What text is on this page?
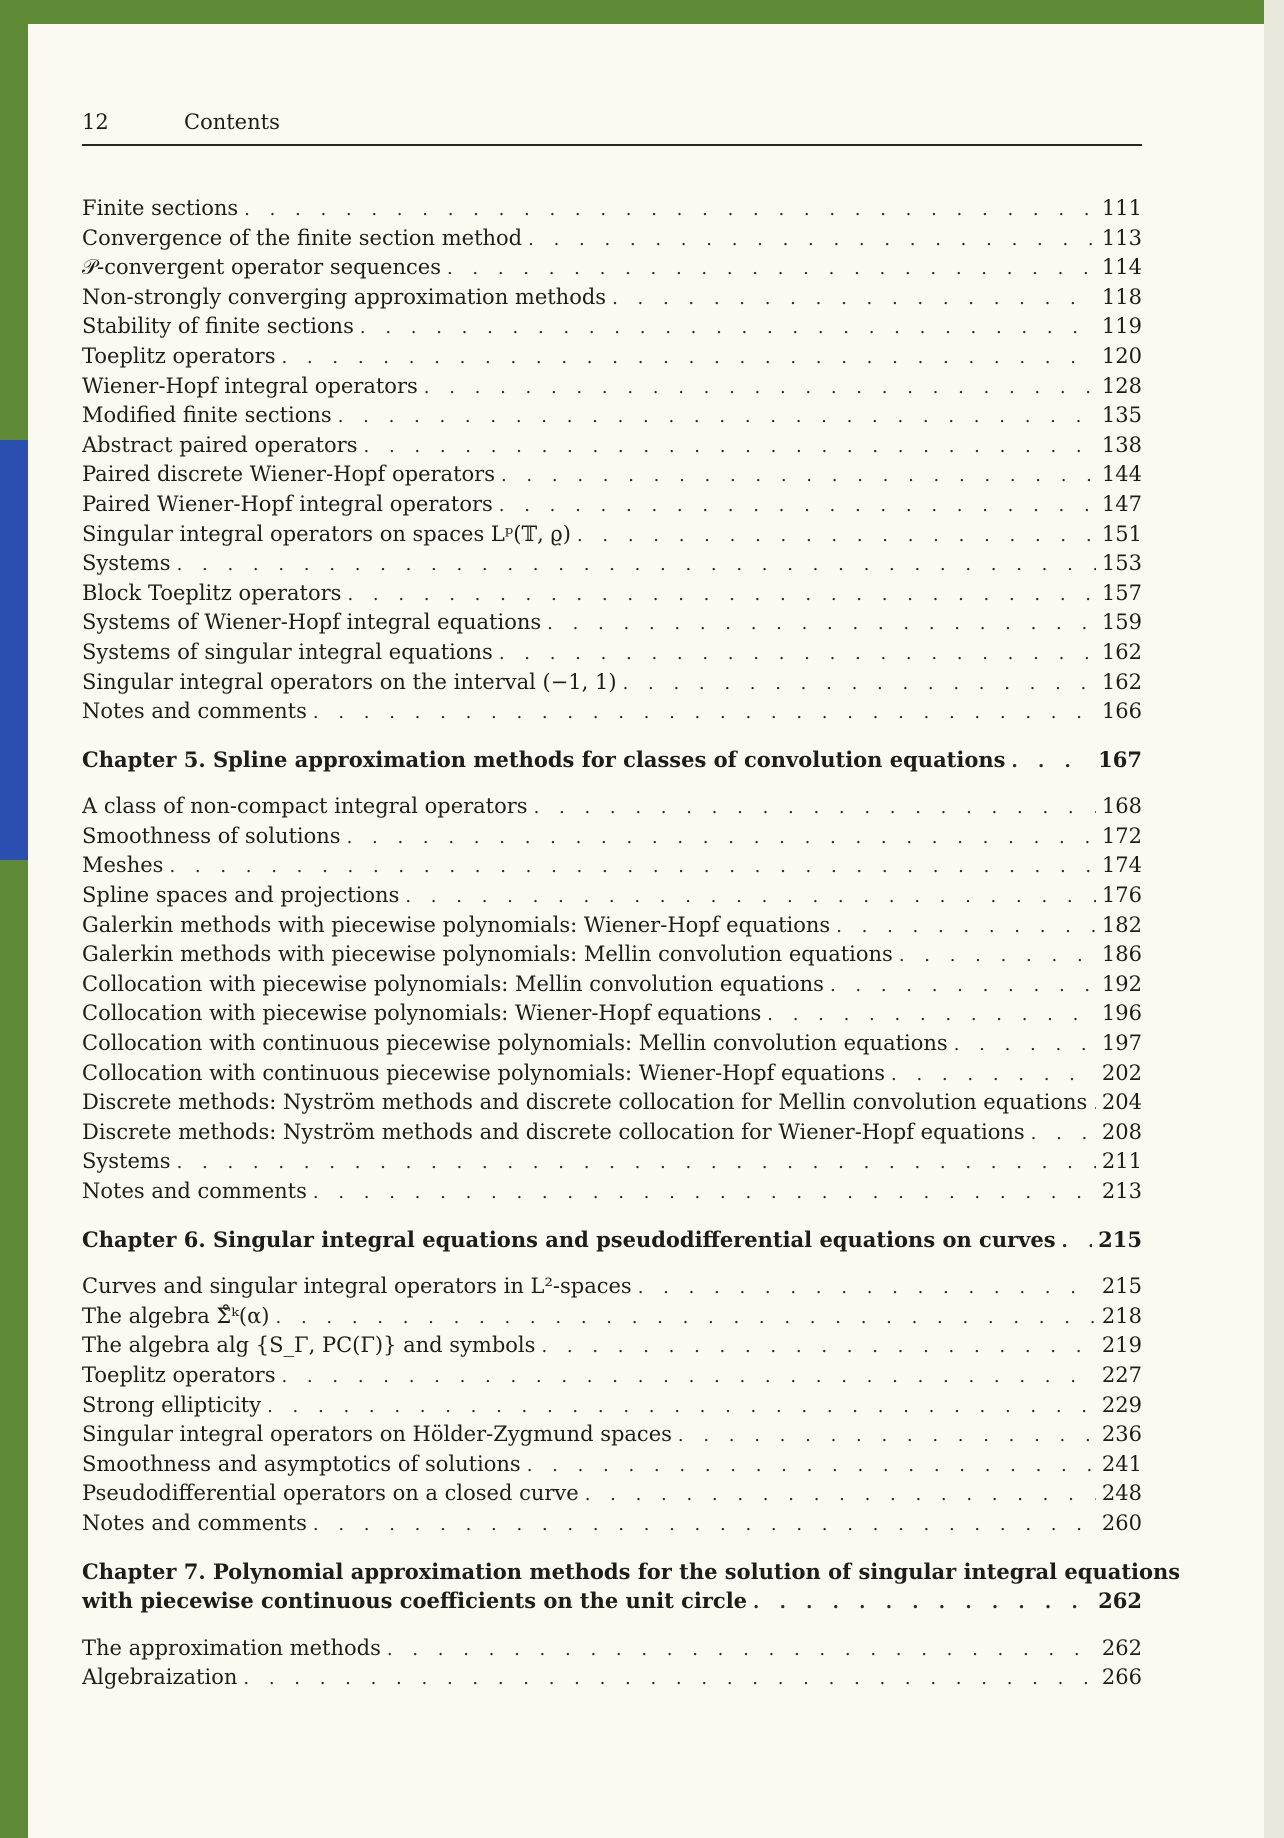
12	Contents
Finite sections . . .	111
Convergence of the finite section method . . .	113
𝒫-convergent operator sequences . . .	114
Non-strongly converging approximation methods . . .	118
Stability of finite sections . . .	119
Toeplitz operators . . .	120
Wiener-Hopf integral operators . . .	128
Modified finite sections . . .	135
Abstract paired operators . . .	138
Paired discrete Wiener-Hopf operators . . .	144
Paired Wiener-Hopf integral operators . . .	147
Singular integral operators on spaces Lᵖ(𝕋, ϱ) . . .	151
Systems . . .	153
Block Toeplitz operators . . .	157
Systems of Wiener-Hopf integral equations . . .	159
Systems of singular integral equations . . .	162
Singular integral operators on the interval (−1, 1) . . .	162
Notes and comments . . .	166
Chapter 5. Spline approximation methods for classes of convolution equations . . .	167
A class of non-compact integral operators . . .	168
Smoothness of solutions . . .	172
Meshes . . .	174
Spline spaces and projections . . .	176
Galerkin methods with piecewise polynomials: Wiener-Hopf equations . . .	182
Galerkin methods with piecewise polynomials: Mellin convolution equations . . .	186
Collocation with piecewise polynomials: Mellin convolution equations . . .	192
Collocation with piecewise polynomials: Wiener-Hopf equations . . .	196
Collocation with continuous piecewise polynomials: Mellin convolution equations . . .	197
Collocation with continuous piecewise polynomials: Wiener-Hopf equations . . .	202
Discrete methods: Nyström methods and discrete collocation for Mellin convolution equations . . . 204
Discrete methods: Nyström methods and discrete collocation for Wiener-Hopf equations . . .	208
Systems . . .	211
Notes and comments . . .	213
Chapter 6. Singular integral equations and pseudodifferential equations on curves . . . 215
Curves and singular integral operators in L²-spaces . . .	215
The algebra Σ̊ᵏ(α) . . .	218
The algebra alg {S_Γ, PC(Γ)} and symbols . . .	219
Toeplitz operators . . .	227
Strong ellipticity . . .	229
Singular integral operators on Hölder-Zygmund spaces . . .	236
Smoothness and asymptotics of solutions . . .	241
Pseudodifferential operators on a closed curve . . .	248
Notes and comments . . .	260
Chapter 7. Polynomial approximation methods for the solution of singular integral equations
with piecewise continuous coefficients on the unit circle . . .	262
The approximation methods . . .	262
Algebraization . . .	266
